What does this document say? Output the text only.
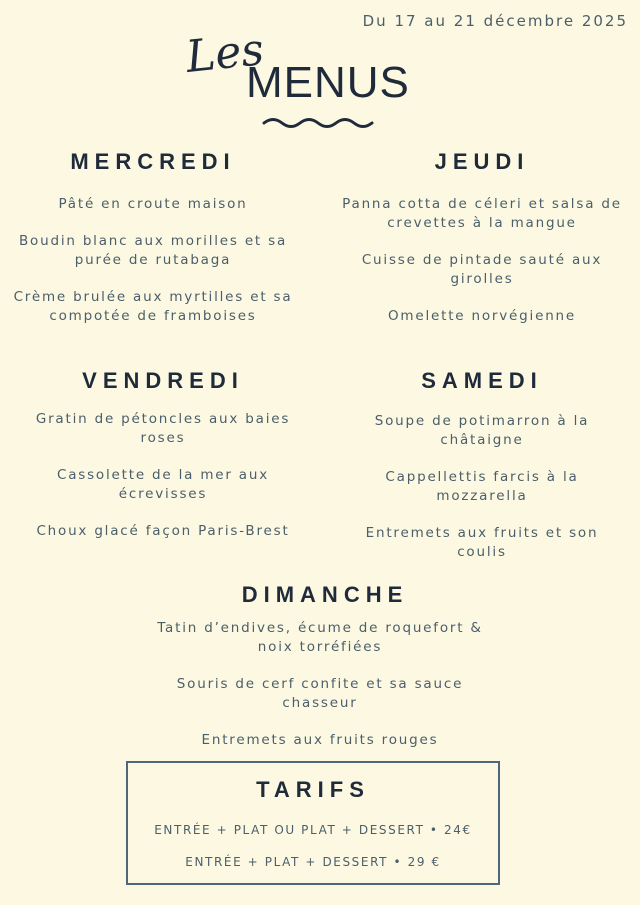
Du 17 au 21 décembre 2025
Les
MENUS
MERCREDI
Pâté en croute maison
Boudin blanc aux morilles et sa purée de rutabaga
Crème brulée aux myrtilles et sa compotée de framboises
JEUDI
Panna cotta de céleri et salsa de crevettes à la mangue
Cuisse de pintade sauté aux girolles
Omelette norvégienne
VENDREDI
Gratin de pétoncles aux baies roses
Cassolette de la mer aux écrevisses
Choux glacé façon Paris-Brest
SAMEDI
Soupe de potimarron à la châtaigne
Cappellettis farcis à la mozzarella
Entremets aux fruits et son coulis
DIMANCHE
Tatin d’endives, écume de roquefort & noix torréfiées
Souris de cerf confite et sa sauce chasseur
Entremets aux fruits rouges
TARIFS
ENTRÉE + PLAT OU PLAT + DESSERT • 24€
ENTRÉE + PLAT + DESSERT • 29 €
